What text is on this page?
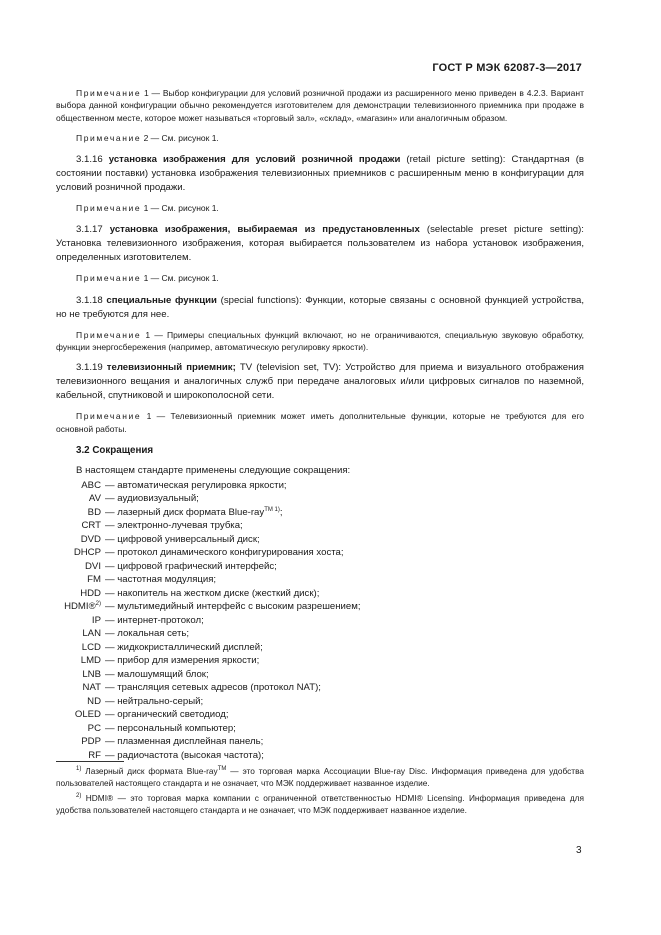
ГОСТ Р МЭК 62087-3—2017

Примечание 1 — Выбор конфигурации для условий розничной продажи из расширенного меню приведен в 4.2.3. Вариант выбора данной конфигурации обычно рекомендуется изготовителем для демонстрации телевизионного приемника при продаже в общественном месте, которое может называться «торговый зал», «склад», «магазин» или аналогичным образом.

Примечание 2 — См. рисунок 1.

3.1.16 установка изображения для условий розничной продажи (retail picture setting): Стандартная (в состоянии поставки) установка изображения телевизионных приемников с расширенным меню в конфигурации для условий розничной продажи.

Примечание 1 — См. рисунок 1.

3.1.17 установка изображения, выбираемая из предустановленных (selectable preset picture setting): Установка телевизионного изображения, которая выбирается пользователем из набора установок изображения, определенных изготовителем.

Примечание 1 — См. рисунок 1.

3.1.18 специальные функции (special functions): Функции, которые связаны с основной функцией устройства, но не требуются для нее.

Примечание 1 — Примеры специальных функций включают, но не ограничиваются, специальную звуковую обработку, функции энергосбережения (например, автоматическую регулировку яркости).

3.1.19 телевизионный приемник; TV (television set, TV): Устройство для приема и визуального отображения телевизионного вещания и аналогичных служб при передаче аналоговых и/или цифровых сигналов по наземной, кабельной, спутниковой и широкополосной сети.

Примечание 1 — Телевизионный приемник может иметь дополнительные функции, которые не требуются для его основной работы.

3.2 Сокращения

В настоящем стандарте применены следующие сокращения:

ABC — автоматическая регулировка яркости;
AV — аудиовизуальный;
BD — лазерный диск формата Blue-ray$^{TM 1)}$;
CRT — электронно-лучевая трубка;
DVD — цифровой универсальный диск;
DHCP — протокол динамического конфигурирования хоста;
DVI — цифровой графический интерфейс;
FM — частотная модуляция;
HDD — накопитель на жестком диске (жесткий диск);
HDMI®$^{2)}$ — мультимедийный интерфейс с высоким разрешением;
IP — интернет-протокол;
LAN — локальная сеть;
LCD — жидкокристаллический дисплей;
LMD — прибор для измерения яркости;
LNB — малошумящий блок;
NAT — трансляция сетевых адресов (протокол NAT);
ND — нейтрально-серый;
OLED — органический светодиод;
PC — персональный компьютер;
PDP — плазменная дисплейная панель;
RF — радиочастота (высокая частота);

$^{1)}$ Лазерный диск формата Blue-ray™ — это торговая марка Ассоциации Blue-ray Disc. Информация приведена для удобства пользователей настоящего стандарта и не означает, что МЭК поддерживает названное изделие.

$^{2)}$ HDMI® — это торговая марка компании с ограниченной ответственностью HDMI® Licensing. Информация приведена для удобства пользователей настоящего стандарта и не означает, что МЭК поддерживает названное изделие.

3
